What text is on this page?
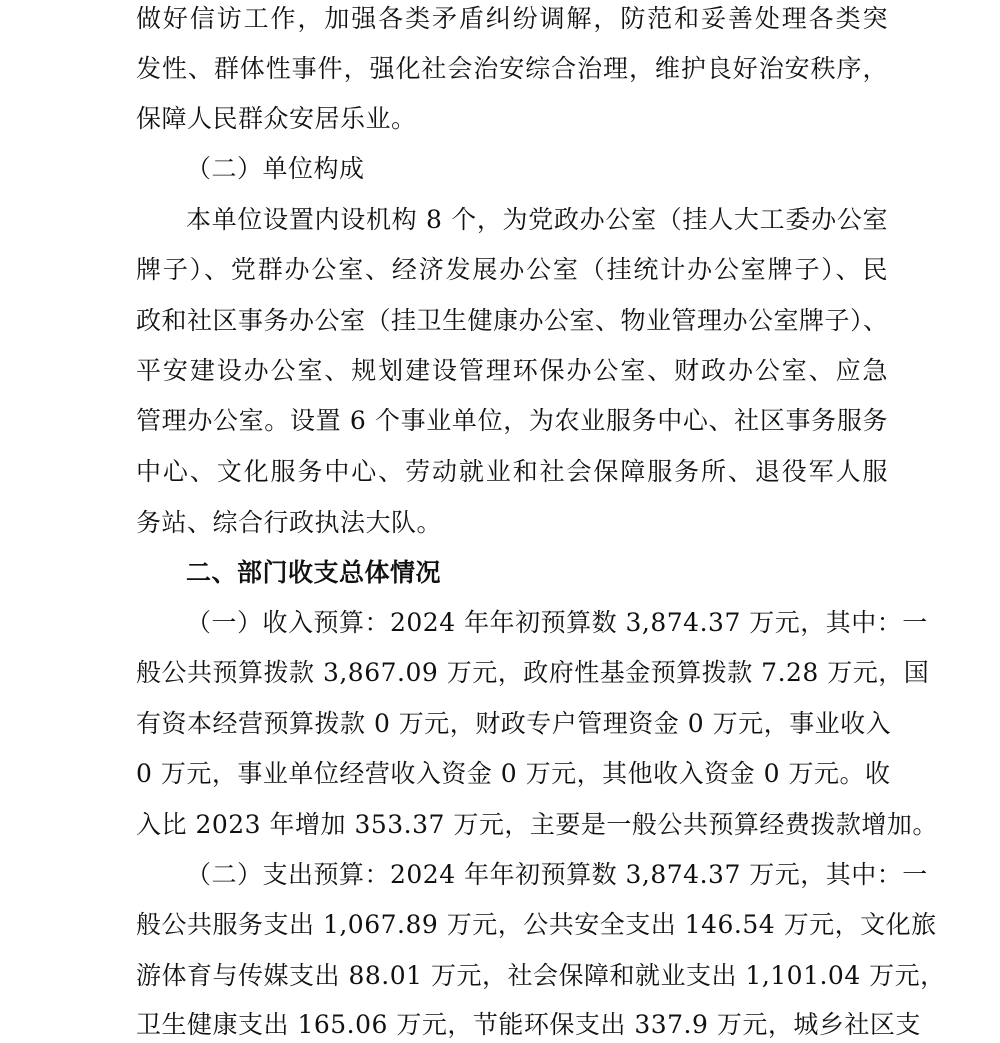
做好信访工作，加强各类矛盾纠纷调解，防范和妥善处理各类突
发性、群体性事件，强化社会治安综合治理，维护良好治安秩序，
保障人民群众安居乐业。
（二）单位构成
本单位设置内设机构 8 个，为党政办公室（挂人大工委办公室
牌子）、党群办公室、经济发展办公室（挂统计办公室牌子）、民
政和社区事务办公室（挂卫生健康办公室、物业管理办公室牌子）、
平安建设办公室、规划建设管理环保办公室、财政办公室、应急
管理办公室。设置 6 个事业单位，为农业服务中心、社区事务服务
中心、文化服务中心、劳动就业和社会保障服务所、退役军人服
务站、综合行政执法大队。
二、部门收支总体情况
（一）收入预算：2024 年年初预算数 3,874.37 万元，其中：一
般公共预算拨款 3,867.09 万元，政府性基金预算拨款 7.28 万元，国
有资本经营预算拨款 0 万元，财政专户管理资金 0 万元，事业收入
0 万元，事业单位经营收入资金 0 万元，其他收入资金 0 万元。收
入比 2023 年增加 353.37 万元，主要是一般公共预算经费拨款增加。
（二）支出预算：2024 年年初预算数 3,874.37 万元，其中：一
般公共服务支出 1,067.89 万元，公共安全支出 146.54 万元，文化旅
游体育与传媒支出 88.01 万元，社会保障和就业支出 1,101.04 万元，
卫生健康支出 165.06 万元，节能环保支出 337.9 万元，城乡社区支
